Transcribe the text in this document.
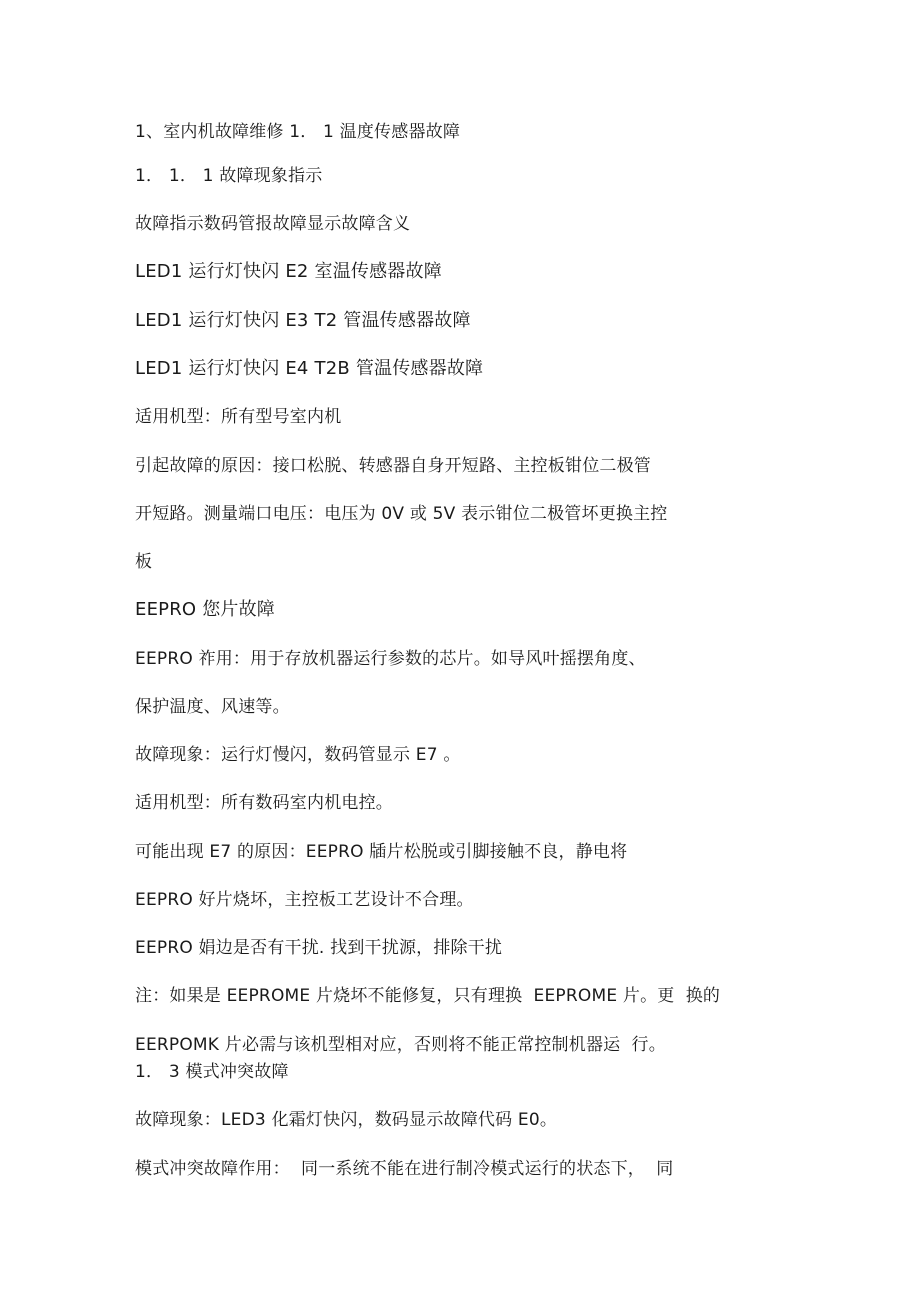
1、室内机故障维修 1． 1 温度传感器故障

1． 1． 1 故障现象指示

故障指示数码管报故障显示故障含义

LED1 运行灯快闪 E2 室温传感器故障

LED1 运行灯快闪 E3 T2 管温传感器故障

LED1 运行灯快闪 E4 T2B 管温传感器故障

适用机型：所有型号室内机

引起故障的原因：接口松脱、转感器自身开短路、主控板钳位二极管

开短路。测量端口电压：电压为 0V 或 5V 表示钳位二极管坏更换主控

板

EEPRO 您片故障

EEPRO 祚用：用于存放机器运行参数的芯片。如导风叶摇摆角度、

保护温度、风速等。

故障现象：运行灯慢闪，数码管显示 E7 。

适用机型：所有数码室内机电控。

可能出现 E7 的原因：EEPRO 牐片松脱或引脚接触不良，静电将

EEPRO 好片烧坏，主控板工艺设计不合理。

EEPRO 娟边是否有干扰. 找到干扰源，排除干扰

注：如果是 EEPROME 片烧坏不能修复，只有理换  EEPROME 片。更  换的

EERPOMK 片必需与该机型相对应，否则将不能正常控制机器运  行。

1． 3 模式冲突故障

故障现象：LED3 化霜灯快闪，数码显示故障代码 E0。

模式冲突故障作用：  同一系统不能在进行制冷模式运行的状态下，  同
